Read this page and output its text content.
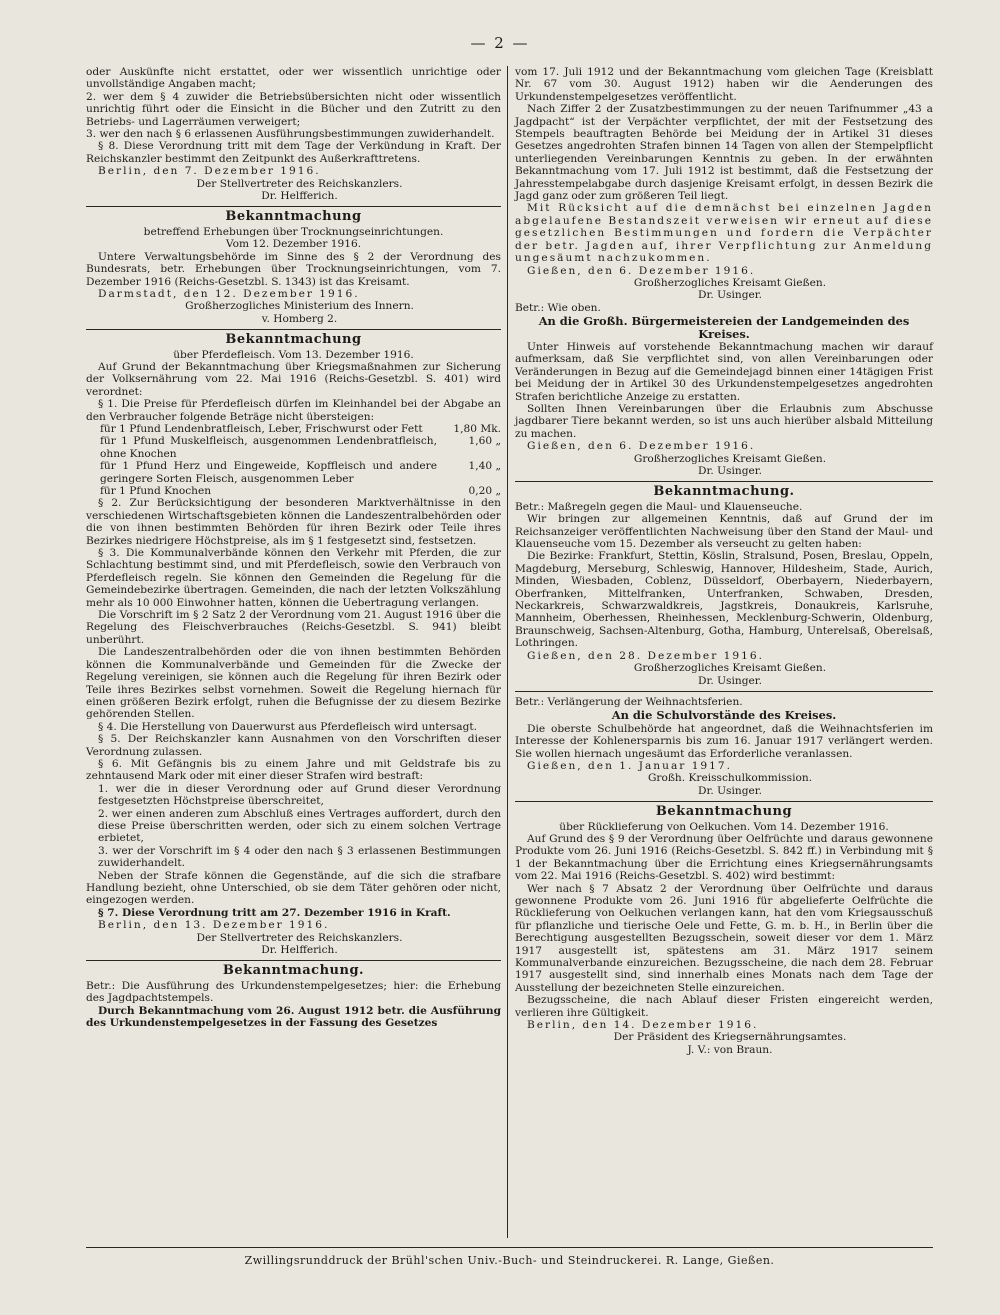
— 2 —

oder Auskünfte nicht erstattet, oder wer wissentlich unrichtige oder unvollständige Angaben macht;

2. wer dem § 4 zuwider die Betriebsübersichten nicht oder wissentlich unrichtig führt oder die Einsicht in die Bücher und den Zutritt zu den Betriebs- und Lagerräumen verweigert;

3. wer den nach § 6 erlassenen Ausführungsbestimmungen zuwiderhandelt.

§ 8. Diese Verordnung tritt mit dem Tage der Verkündung in Kraft. Der Reichskanzler bestimmt den Zeitpunkt des Außerkrafttretens.

Berlin, den 7. Dezember 1916.

Der Stellvertreter des Reichskanzlers.

Dr. Helfferich.

Bekanntmachung

betreffend Erhebungen über Trocknungseinrichtungen.

Vom 12. Dezember 1916.

Untere Verwaltungsbehörde im Sinne des § 2 der Verordnung des Bundesrats, betr. Erhebungen über Trocknungseinrichtungen, vom 7. Dezember 1916 (Reichs-Gesetzbl. S. 1343) ist das Kreisamt.

Darmstadt, den 12. Dezember 1916.

Großherzogliches Ministerium des Innern.

v. Homberg 2.

Bekanntmachung

über Pferdefleisch. Vom 13. Dezember 1916.

Auf Grund der Bekanntmachung über Kriegsmaßnahmen zur Sicherung der Volksernährung vom 22. Mai 1916 (Reichs-Gesetzbl. S. 401) wird verordnet:

§ 1. Die Preise für Pferdefleisch dürfen im Kleinhandel bei der Abgabe an den Verbraucher folgende Beträge nicht übersteigen:

für 1 Pfund Lendenbratfleisch, Leber, Frischwurst oder Fett	1,80 Mk.
für 1 Pfund Muskelfleisch, ausgenommen Lendenbratfleisch, ohne Knochen
1,60 „
für 1 Pfund Herz und Eingeweide, Kopffleisch und andere geringere Sorten Fleisch, ausgenommen Leber
1,40 „
für 1 Pfund Knochen	0,20 „

§ 2. Zur Berücksichtigung der besonderen Marktverhältnisse in den verschiedenen Wirtschaftsgebieten können die Landeszentralbehörden oder die von ihnen bestimmten Behörden für ihren Bezirk oder Teile ihres Bezirkes niedrigere Höchstpreise, als im § 1 festgesetzt sind, festsetzen.

§ 3. Die Kommunalverbände können den Verkehr mit Pferden, die zur Schlachtung bestimmt sind, und mit Pferdefleisch, sowie den Verbrauch von Pferdefleisch regeln. Sie können den Gemeinden die Regelung für die Gemeindebezirke übertragen. Gemeinden, die nach der letzten Volkszählung mehr als 10 000 Einwohner hatten, können die Uebertragung verlangen.

Die Vorschrift im § 2 Satz 2 der Verordnung vom 21. August 1916 über die Regelung des Fleischverbrauches (Reichs-Gesetzbl. S. 941) bleibt unberührt.

Die Landeszentralbehörden oder die von ihnen bestimmten Behörden können die Kommunalverbände und Gemeinden für die Zwecke der Regelung vereinigen, sie können auch die Regelung für ihren Bezirk oder Teile ihres Bezirkes selbst vornehmen. Soweit die Regelung hiernach für einen größeren Bezirk erfolgt, ruhen die Befugnisse der zu diesem Bezirke gehörenden Stellen.

§ 4. Die Herstellung von Dauerwurst aus Pferdefleisch wird untersagt.

§ 5. Der Reichskanzler kann Ausnahmen von den Vorschriften dieser Verordnung zulassen.

§ 6. Mit Gefängnis bis zu einem Jahre und mit Geldstrafe bis zu zehntausend Mark oder mit einer dieser Strafen wird bestraft:

1. wer die in dieser Verordnung oder auf Grund dieser Verordnung festgesetzten Höchstpreise überschreitet,

2. wer einen anderen zum Abschluß eines Vertrages auffordert, durch den diese Preise überschritten werden, oder sich zu einem solchen Vertrage erbietet,

3. wer der Vorschrift im § 4 oder den nach § 3 erlassenen Bestimmungen zuwiderhandelt.

Neben der Strafe können die Gegenstände, auf die sich die strafbare Handlung bezieht, ohne Unterschied, ob sie dem Täter gehören oder nicht, eingezogen werden.

§ 7. Diese Verordnung tritt am 27. Dezember 1916 in Kraft.

Berlin, den 13. Dezember 1916.

Der Stellvertreter des Reichskanzlers.

Dr. Helfferich.

Bekanntmachung.

Betr.: Die Ausführung des Urkundenstempelgesetzes; hier: die Erhebung des Jagdpachtstempels.

Durch Bekanntmachung vom 26. August 1912 betr. die Ausführung des Urkundenstempelgesetzes in der Fassung des Gesetzes

vom 17. Juli 1912 und der Bekanntmachung vom gleichen Tage (Kreisblatt Nr. 67 vom 30. August 1912) haben wir die Aenderungen des Urkundenstempelgesetzes veröffentlicht.

Nach Ziffer 2 der Zusatzbestimmungen zu der neuen Tarifnummer „43 a Jagdpacht“ ist der Verpächter verpflichtet, der mit der Festsetzung des Stempels beauftragten Behörde bei Meidung der in Artikel 31 dieses Gesetzes angedrohten Strafen binnen 14 Tagen von allen der Stempelpflicht unterliegenden Vereinbarungen Kenntnis zu geben. In der erwähnten Bekanntmachung vom 17. Juli 1912 ist bestimmt, daß die Festsetzung der Jahresstempelabgabe durch dasjenige Kreisamt erfolgt, in dessen Bezirk die Jagd ganz oder zum größeren Teil liegt.

Mit Rücksicht auf die demnächst bei einzelnen Jagden abgelaufene Bestandszeit verweisen wir erneut auf diese gesetzlichen Bestimmungen und fordern die Verpächter der betr. Jagden auf, ihrer Verpflichtung zur Anmeldung ungesäumt nachzukommen.

Gießen, den 6. Dezember 1916.

Großherzogliches Kreisamt Gießen.

Dr. Usinger.

Betr.: Wie oben.

An die Großh. Bürgermeistereien der Landgemeinden des Kreises.

Unter Hinweis auf vorstehende Bekanntmachung machen wir darauf aufmerksam, daß Sie verpflichtet sind, von allen Vereinbarungen oder Veränderungen in Bezug auf die Gemeindejagd binnen einer 14tägigen Frist bei Meidung der in Artikel 30 des Urkundenstempelgesetzes angedrohten Strafen berichtliche Anzeige zu erstatten.

Sollten Ihnen Vereinbarungen über die Erlaubnis zum Abschusse jagdbarer Tiere bekannt werden, so ist uns auch hierüber alsbald Mitteilung zu machen.

Gießen, den 6. Dezember 1916.

Großherzogliches Kreisamt Gießen.

Dr. Usinger.

Bekanntmachung.

Betr.: Maßregeln gegen die Maul- und Klauenseuche.

Wir bringen zur allgemeinen Kenntnis, daß auf Grund der im Reichsanzeiger veröffentlichten Nachweisung über den Stand der Maul- und Klauenseuche vom 15. Dezember als verseucht zu gelten haben:

Die Bezirke: Frankfurt, Stettin, Köslin, Stralsund, Posen, Breslau, Oppeln, Magdeburg, Merseburg, Schleswig, Hannover, Hildesheim, Stade, Aurich, Minden, Wiesbaden, Coblenz, Düsseldorf, Oberbayern, Niederbayern, Oberfranken, Mittelfranken, Unterfranken, Schwaben, Dresden, Neckarkreis, Schwarzwaldkreis, Jagstkreis, Donaukreis, Karlsruhe, Mannheim, Oberhessen, Rheinhessen, Mecklenburg-Schwerin, Oldenburg, Braunschweig, Sachsen-Altenburg, Gotha, Hamburg, Unterelsaß, Oberelsaß, Lothringen.

Gießen, den 28. Dezember 1916.

Großherzogliches Kreisamt Gießen.

Dr. Usinger.

Betr.: Verlängerung der Weihnachtsferien.

An die Schulvorstände des Kreises.

Die oberste Schulbehörde hat angeordnet, daß die Weihnachtsferien im Interesse der Kohlenersparnis bis zum 16. Januar 1917 verlängert werden. Sie wollen hiernach ungesäumt das Erforderliche veranlassen.

Gießen, den 1. Januar 1917.

Großh. Kreisschulkommission.

Dr. Usinger.

Bekanntmachung

über Rücklieferung von Oelkuchen. Vom 14. Dezember 1916.

Auf Grund des § 9 der Verordnung über Oelfrüchte und daraus gewonnene Produkte vom 26. Juni 1916 (Reichs-Gesetzbl. S. 842 ff.) in Verbindung mit § 1 der Bekanntmachung über die Errichtung eines Kriegsernährungsamts vom 22. Mai 1916 (Reichs-Gesetzbl. S. 402) wird bestimmt:

Wer nach § 7 Absatz 2 der Verordnung über Oelfrüchte und daraus gewonnene Produkte vom 26. Juni 1916 für abgelieferte Oelfrüchte die Rücklieferung von Oelkuchen verlangen kann, hat den vom Kriegsausschuß für pflanzliche und tierische Oele und Fette, G. m. b. H., in Berlin über die Berechtigung ausgestellten Bezugsschein, soweit dieser vor dem 1. März 1917 ausgestellt ist, spätestens am 31. März 1917 seinem Kommunalverbande einzureichen. Bezugsscheine, die nach dem 28. Februar 1917 ausgestellt sind, sind innerhalb eines Monats nach dem Tage der Ausstellung der bezeichneten Stelle einzureichen.

Bezugsscheine, die nach Ablauf dieser Fristen eingereicht werden, verlieren ihre Gültigkeit.

Berlin, den 14. Dezember 1916.

Der Präsident des Kriegsernährungsamtes.

J. V.: von Braun.

Zwillingsrunddruck der Brühl'schen Univ.-Buch- und Steindruckerei. R. Lange, Gießen.
